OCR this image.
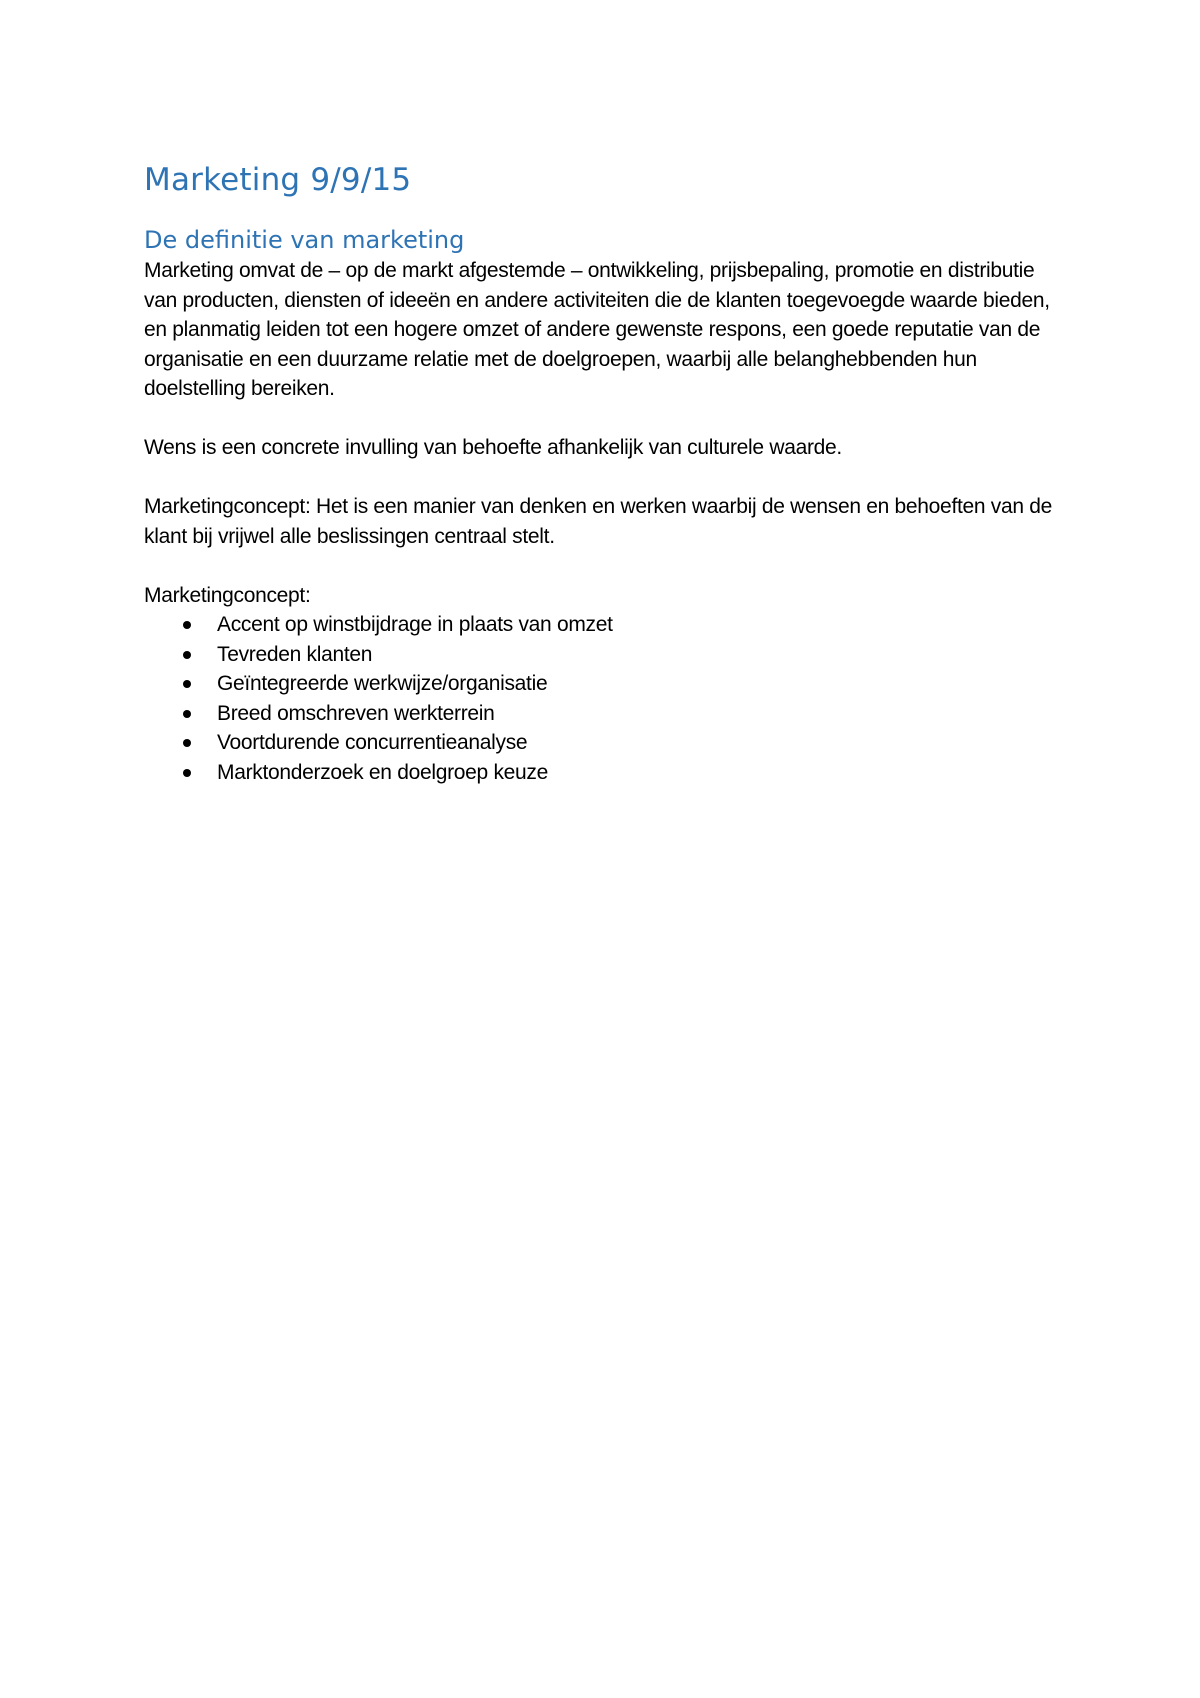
Marketing 9/9/15
De definitie van marketing

Marketing omvat de – op de markt afgestemde – ontwikkeling, prijsbepaling, promotie en distributie van producten, diensten of ideeën en andere activiteiten die de klanten toegevoegde waarde bieden, en planmatig leiden tot een hogere omzet of andere gewenste respons, een goede reputatie van de organisatie en een duurzame relatie met de doelgroepen, waarbij alle belanghebbenden hun doelstelling bereiken.

Wens is een concrete invulling van behoefte afhankelijk van culturele waarde.

Marketingconcept: Het is een manier van denken en werken waarbij de wensen en behoeften van de klant bij vrijwel alle beslissingen centraal stelt.

Marketingconcept:

Accent op winstbijdrage in plaats van omzet
Tevreden klanten
Geïntegreerde werkwijze/organisatie
Breed omschreven werkterrein
Voortdurende concurrentieanalyse
Marktonderzoek en doelgroep keuze
